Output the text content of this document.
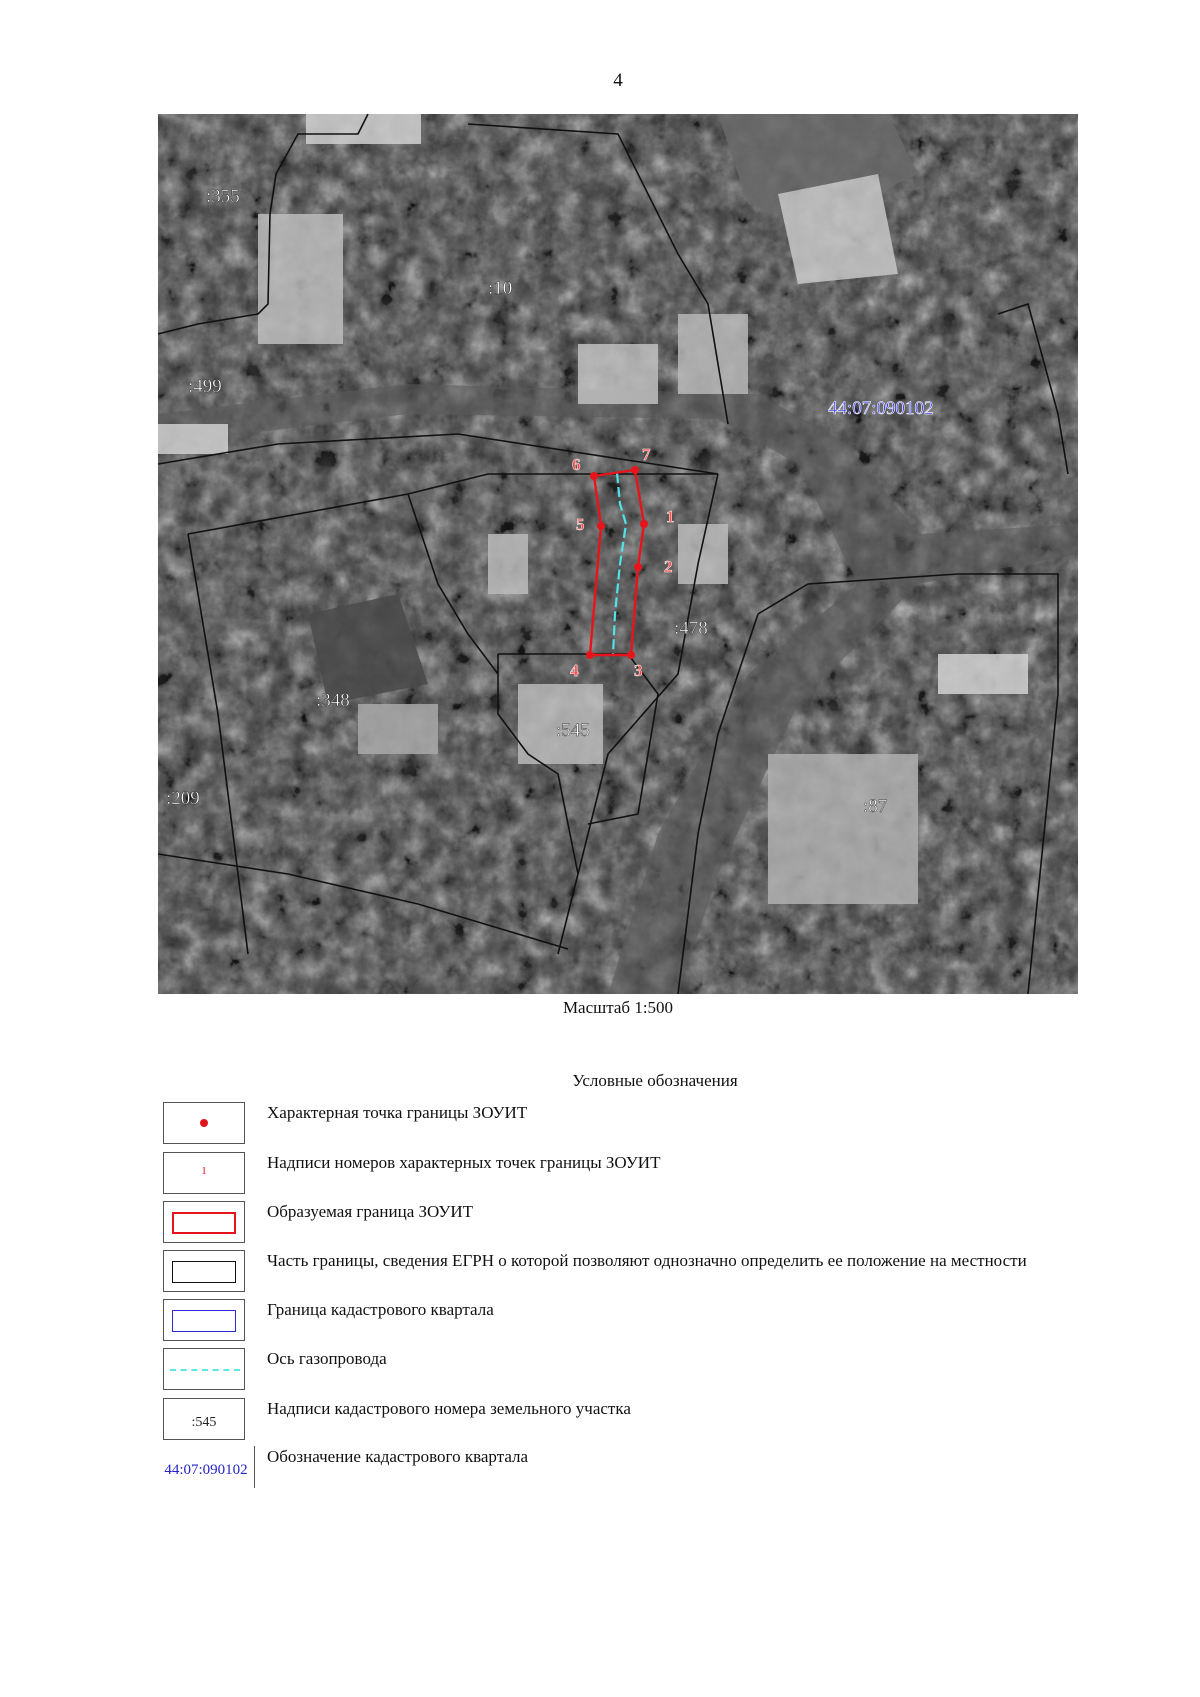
4
1
2
3
4
5
6
7
:355
:10
:499
:478
:348
:545
:209	:87
44:07:090102
Масштаб 1:500
Условные обозначения
Характерная точка границы ЗОУИТ
1	Надписи номеров характерных точек границы ЗОУИТ
Образуемая граница ЗОУИТ
Часть границы, сведения ЕГРН о которой позволяют однозначно определить ее положение на местности
Граница кадастрового квартала
Ось газопровода
:545
Надписи кадастрового номера земельного участка
44:07:090102
Обозначение кадастрового квартала
